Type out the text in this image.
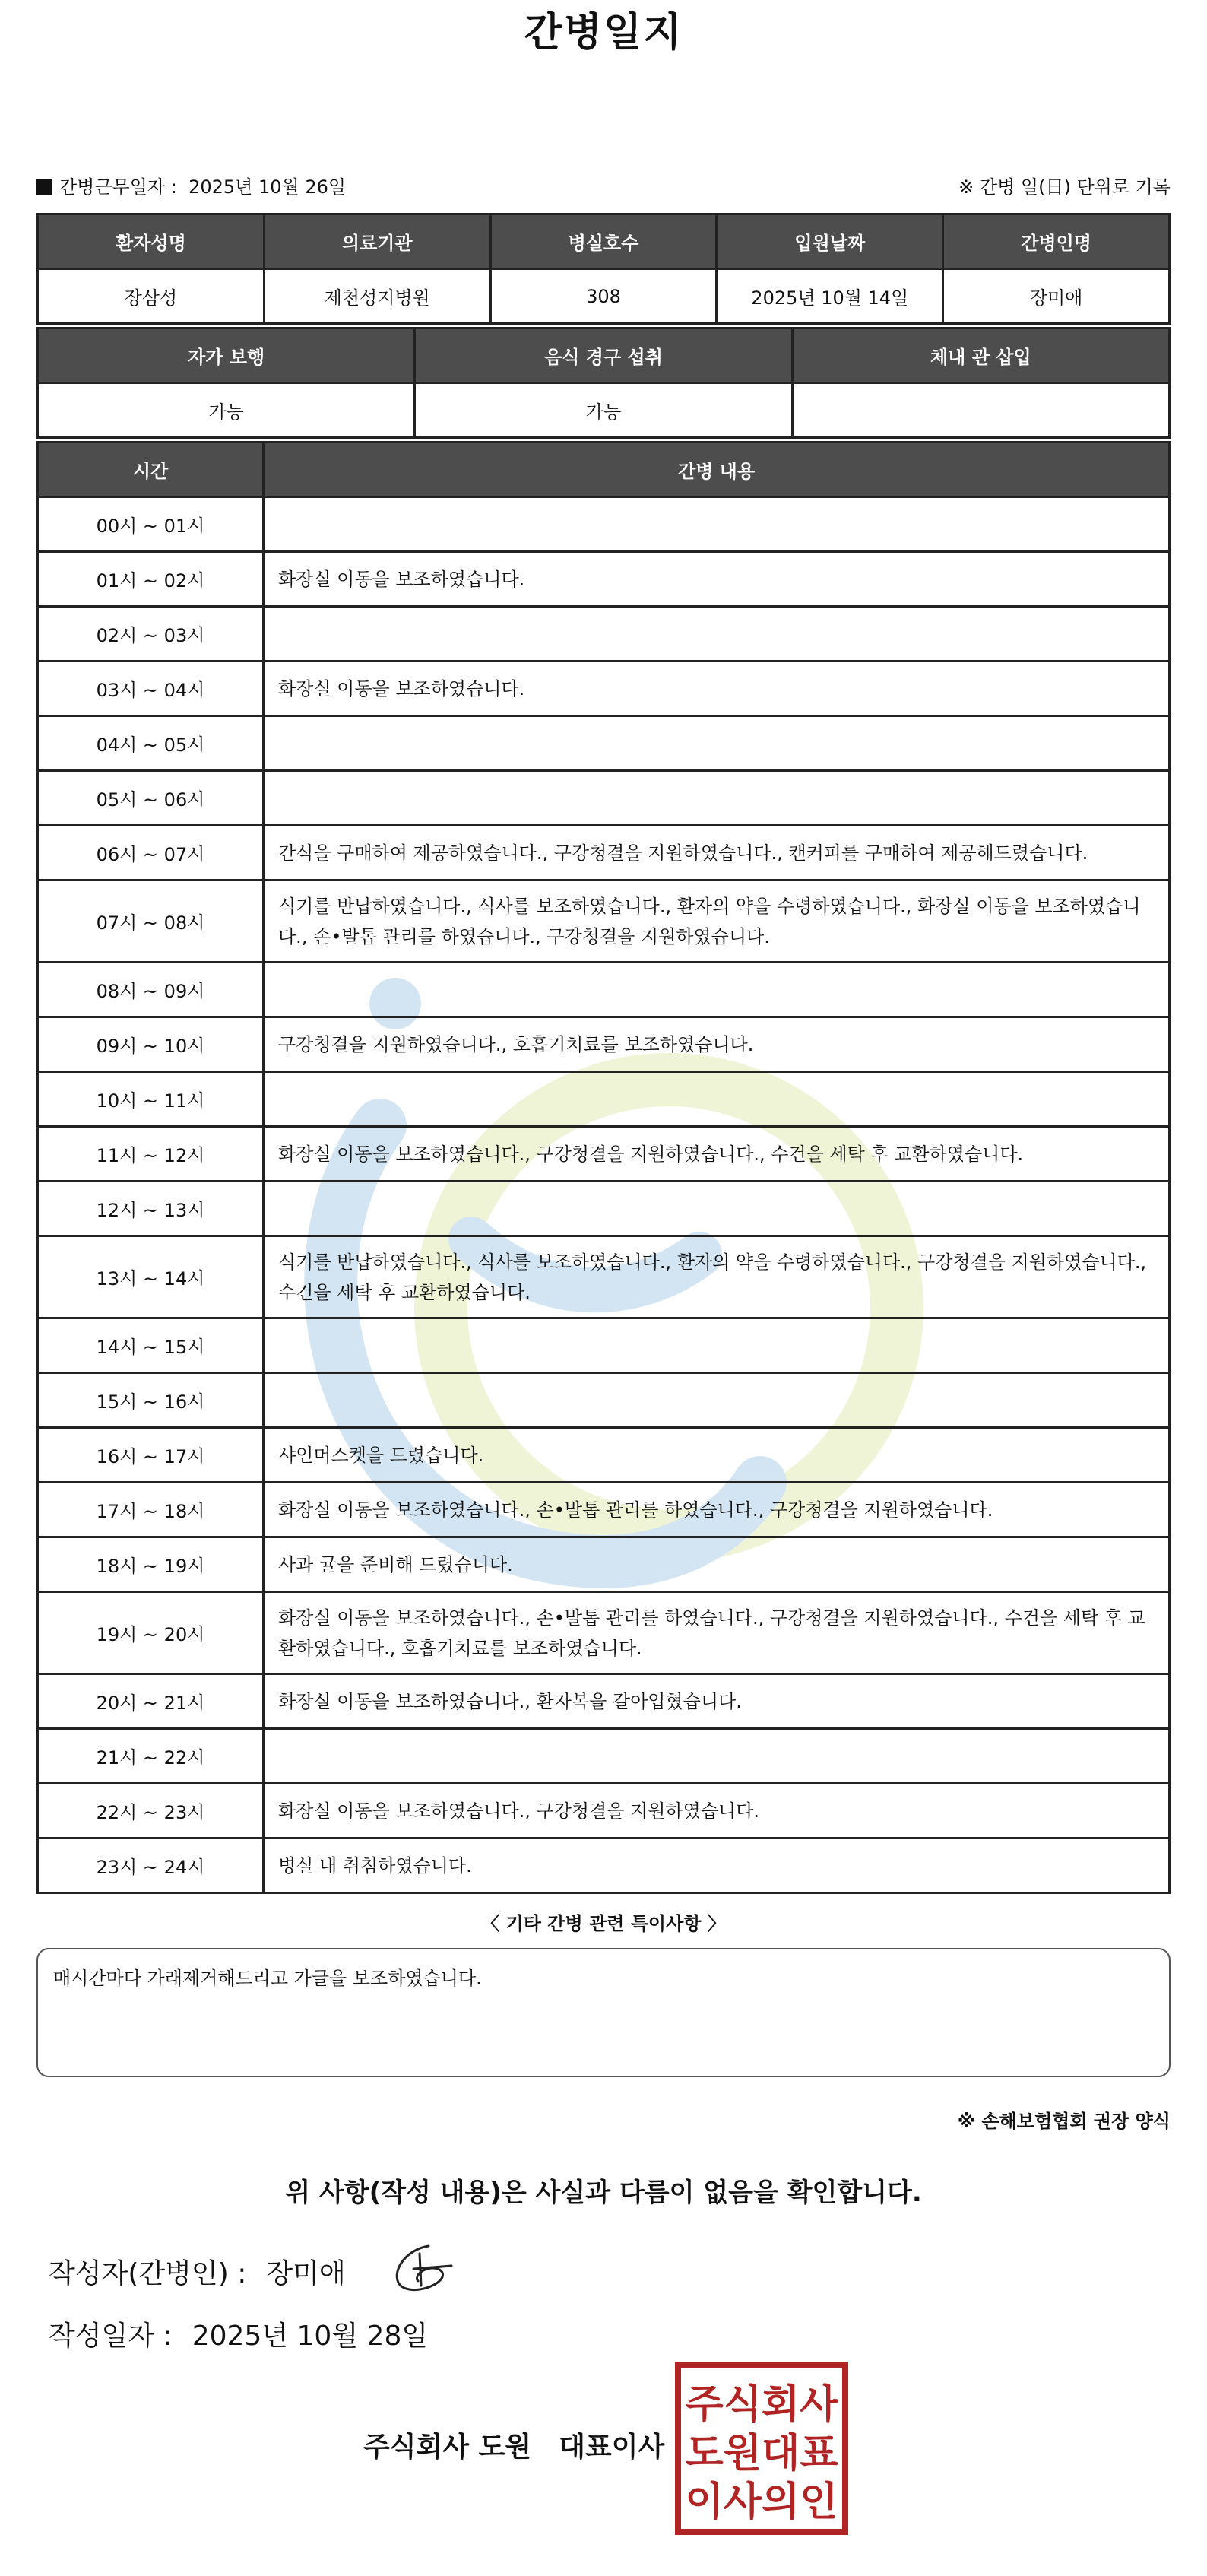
간병일지
간병근무일자 : 2025년 10월 26일	※ 간병 일(日) 단위로 기록
환자성명	의료기관	병실호수	입원날짜	간병인명
장삼성	제천성지병원	308	2025년 10월 14일	장미애
자가 보행	음식 경구 섭취	체내 관 삽입
가능	가능	
시간	간병 내용
00시 ~ 01시	
01시 ~ 02시	화장실 이동을 보조하였습니다.
02시 ~ 03시	
03시 ~ 04시	화장실 이동을 보조하였습니다.
04시 ~ 05시	
05시 ~ 06시	
06시 ~ 07시	간식을 구매하여 제공하였습니다., 구강청결을 지원하였습니다., 캔커피를 구매하여 제공해드렸습니다.
07시 ~ 08시	식기를 반납하였습니다., 식사를 보조하였습니다., 환자의 약을 수령하였습니다., 화장실 이동을 보조하였습니다., 손•발톱 관리를 하였습니다., 구강청결을 지원하였습니다.
08시 ~ 09시	
09시 ~ 10시	구강청결을 지원하였습니다., 호흡기치료를 보조하였습니다.
10시 ~ 11시	
11시 ~ 12시	화장실 이동을 보조하였습니다., 구강청결을 지원하였습니다., 수건을 세탁 후 교환하였습니다.
12시 ~ 13시	
13시 ~ 14시	식기를 반납하였습니다., 식사를 보조하였습니다., 환자의 약을 수령하였습니다., 구강청결을 지원하였습니다., 수건을 세탁 후 교환하였습니다.
14시 ~ 15시	
15시 ~ 16시	
16시 ~ 17시	샤인머스켓을 드렸습니다.
17시 ~ 18시	화장실 이동을 보조하였습니다., 손•발톱 관리를 하였습니다., 구강청결을 지원하였습니다.
18시 ~ 19시	사과 귤을 준비해 드렸습니다.
19시 ~ 20시	화장실 이동을 보조하였습니다., 손•발톱 관리를 하였습니다., 구강청결을 지원하였습니다., 수건을 세탁 후 교환하였습니다., 호흡기치료를 보조하였습니다.
20시 ~ 21시	화장실 이동을 보조하였습니다., 환자복을 갈아입혔습니다.
21시 ~ 22시	
22시 ~ 23시	화장실 이동을 보조하였습니다., 구강청결을 지원하였습니다.
23시 ~ 24시	병실 내 취침하였습니다.
〈 기타 간병 관련 특이사항 〉
매시간마다 가래제거해드리고 가글을 보조하였습니다.
※ 손해보험협회 권장 양식
위 사항(작성 내용)은 사실과 다름이 없음을 확인합니다.
작성자(간병인) : 장미애
작성일자 : 2025년 10월 28일
주식회사 도원 대표이사
주식회사
도원대표
이사의인
